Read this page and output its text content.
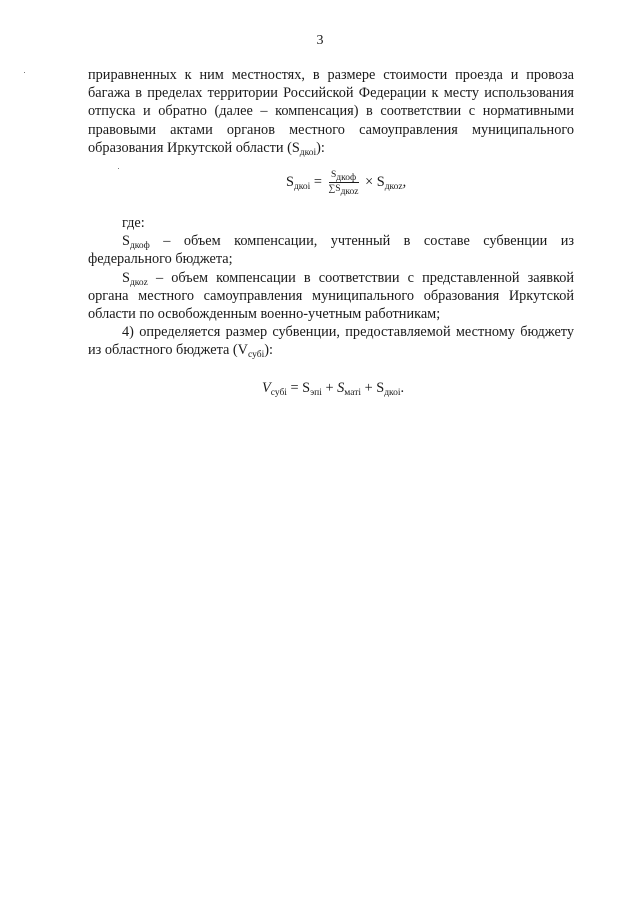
3

приравненных к ним местностях, в размере стоимости проезда и провоза багажа в пределах территории Российской Федерации к месту использования отпуска и обратно (далее – компенсация) в соответствии с нормативными правовыми актами органов местного самоуправления муниципального образования Иркутской области $(S_{дкоi})$:

$S_{дкоi} = \frac{S_{дкоф}}{\sum S_{дкоz}} \times S_{дкоz}$,

где:

$S_{дкоф}$ – объем компенсации, учтенный в составе субвенции из федерального бюджета;

$S_{дкоz}$ – объем компенсации в соответствии с представленной заявкой органа местного самоуправления муниципального образования Иркутской области по освобожденным военно-учетным работникам;

4) определяется размер субвенции, предоставляемой местному бюджету из областного бюджета $(V_{субi})$:

$V_{субi} = S_{эпi} + S_{матi} + S_{дкоi}$.
